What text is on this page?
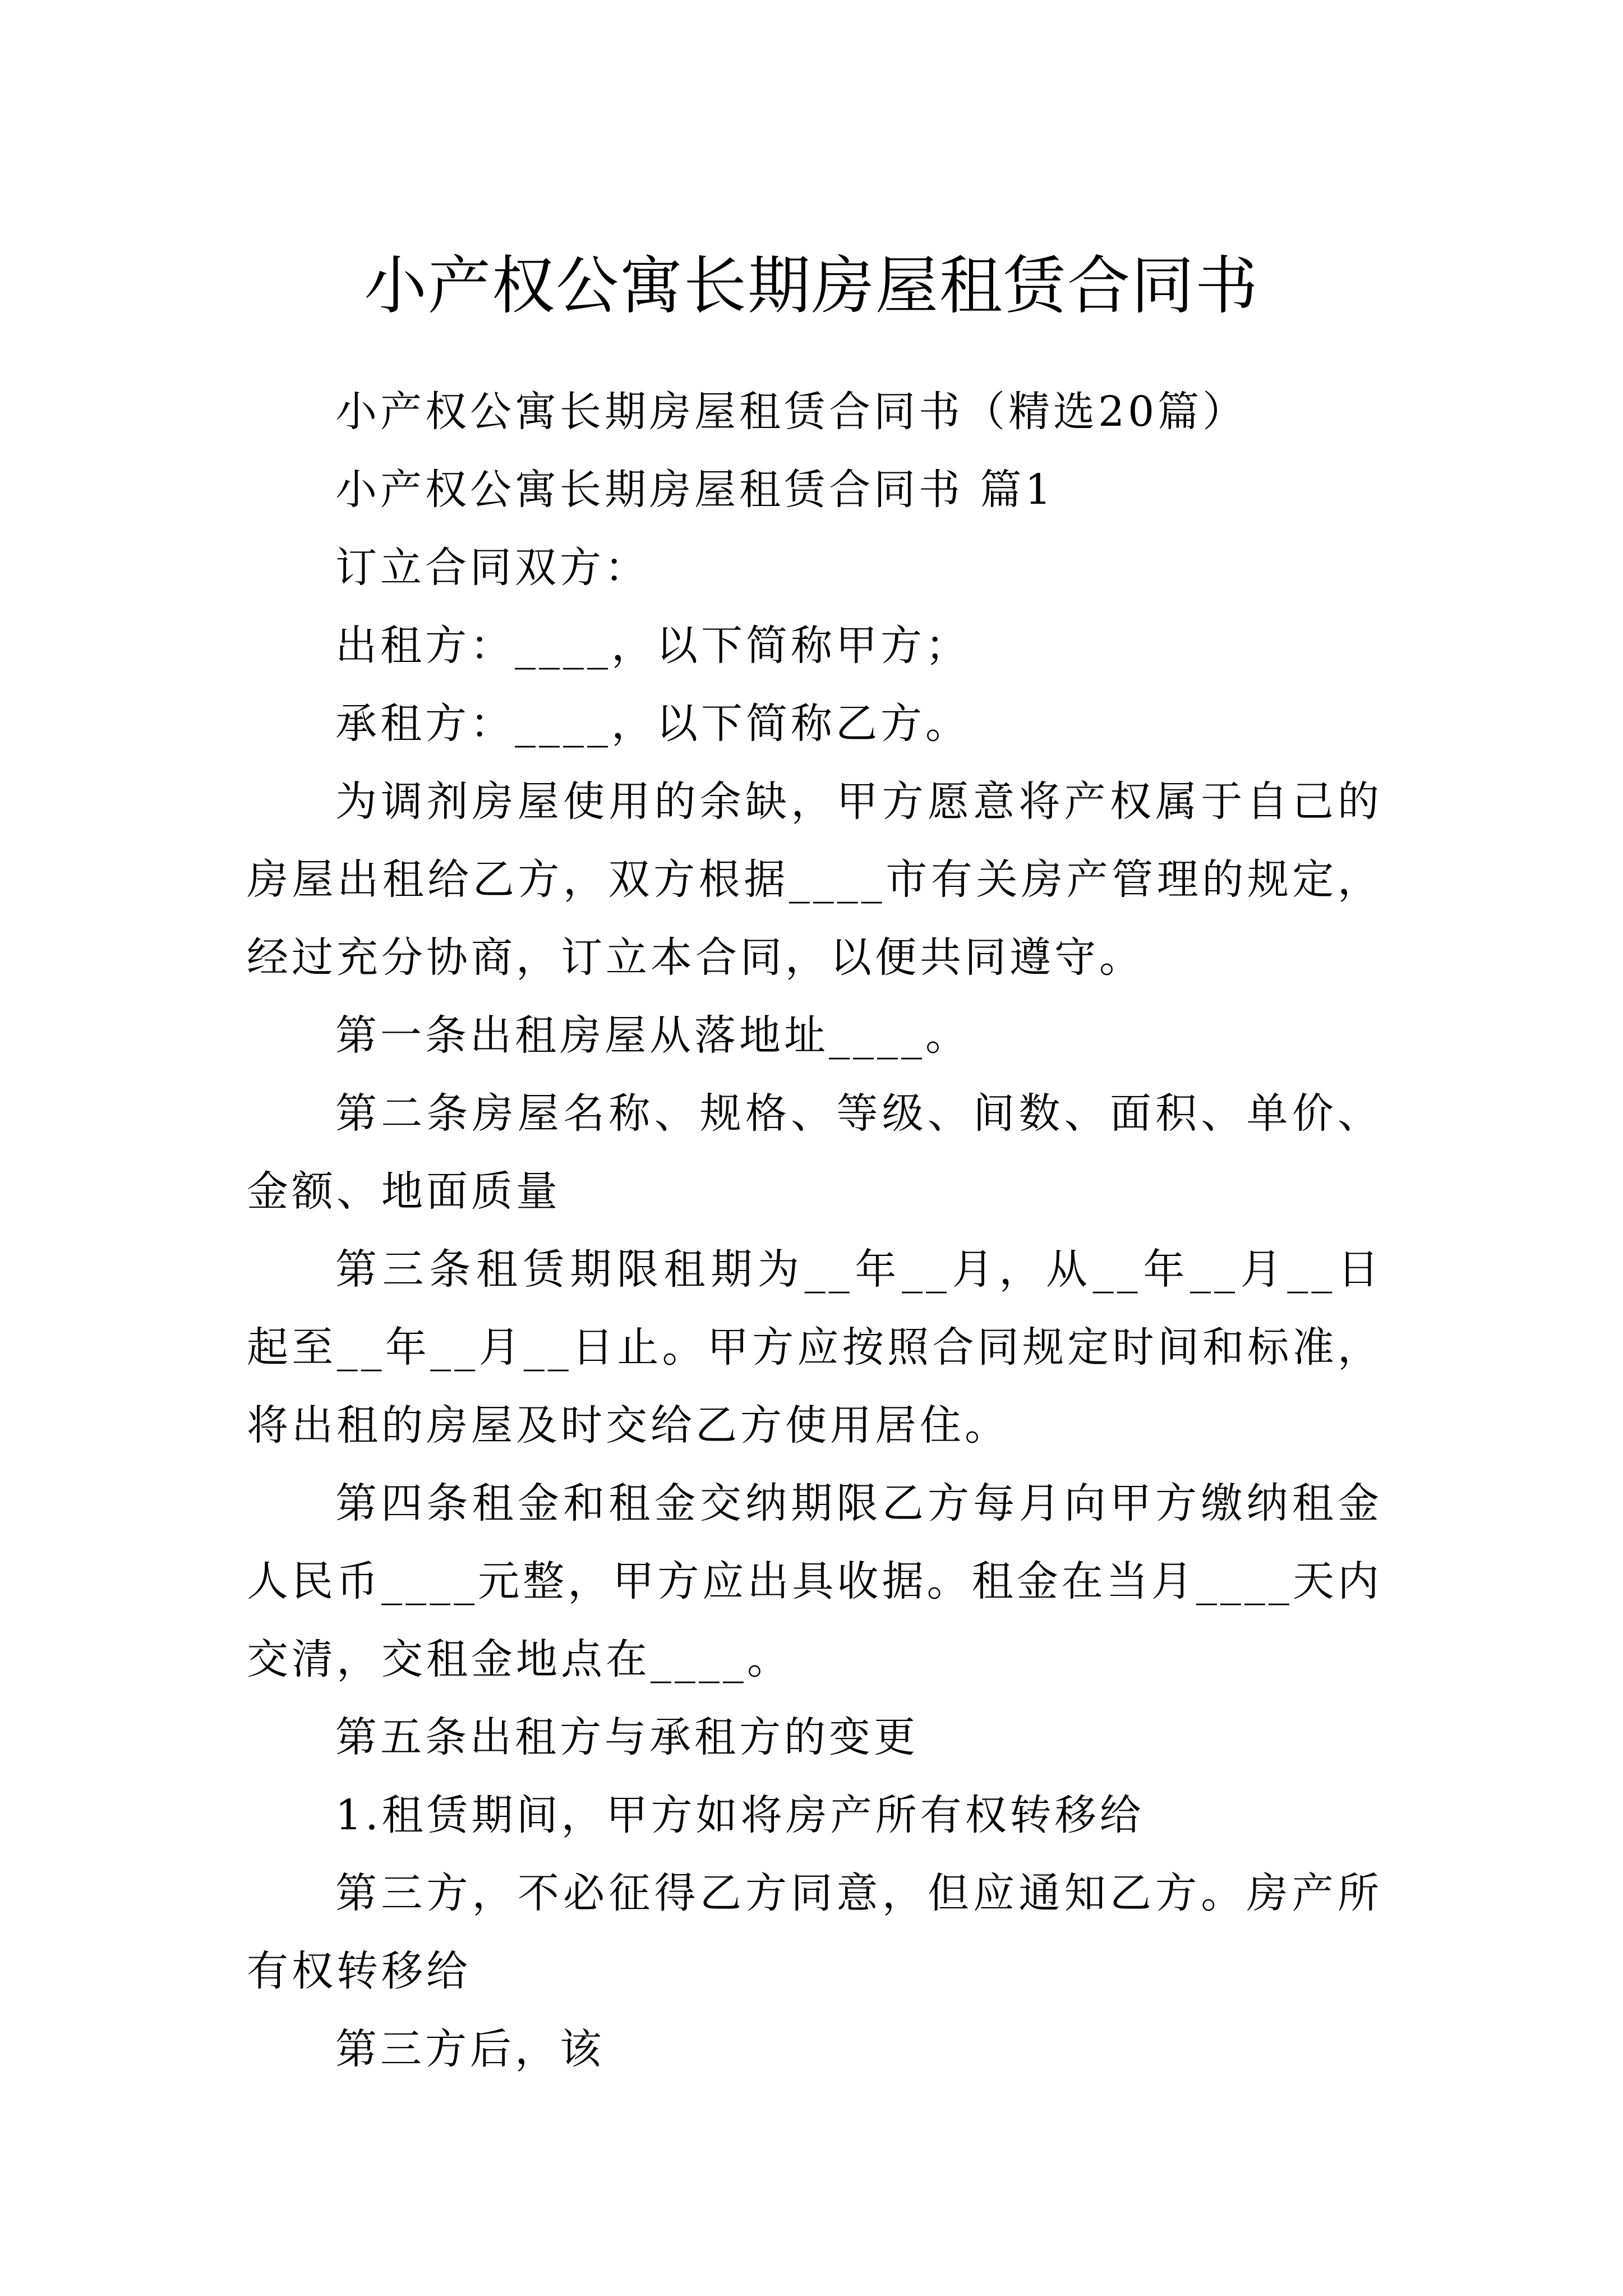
小产权公寓长期房屋租赁合同书

小产权公寓长期房屋租赁合同书（精选20篇）

小产权公寓长期房屋租赁合同书 篇1

订立合同双方：

出租方：____，以下简称甲方；

承租方：____，以下简称乙方。

为调剂房屋使用的余缺，甲方愿意将产权属于自己的房屋出租给乙方，双方根据____市有关房产管理的规定，经过充分协商，订立本合同，以便共同遵守。

第一条出租房屋从落地址____。

第二条房屋名称、规格、等级、间数、面积、单价、金额、地面质量

第三条租赁期限租期为__年__月，从__年__月__日起至__年__月__日止。甲方应按照合同规定时间和标准，将出租的房屋及时交给乙方使用居住。

第四条租金和租金交纳期限乙方每月向甲方缴纳租金人民币____元整，甲方应出具收据。租金在当月____天内交清，交租金地点在____。

第五条出租方与承租方的变更

1.租赁期间，甲方如将房产所有权转移给

第三方，不必征得乙方同意，但应通知乙方。房产所有权转移给

第三方后，该
